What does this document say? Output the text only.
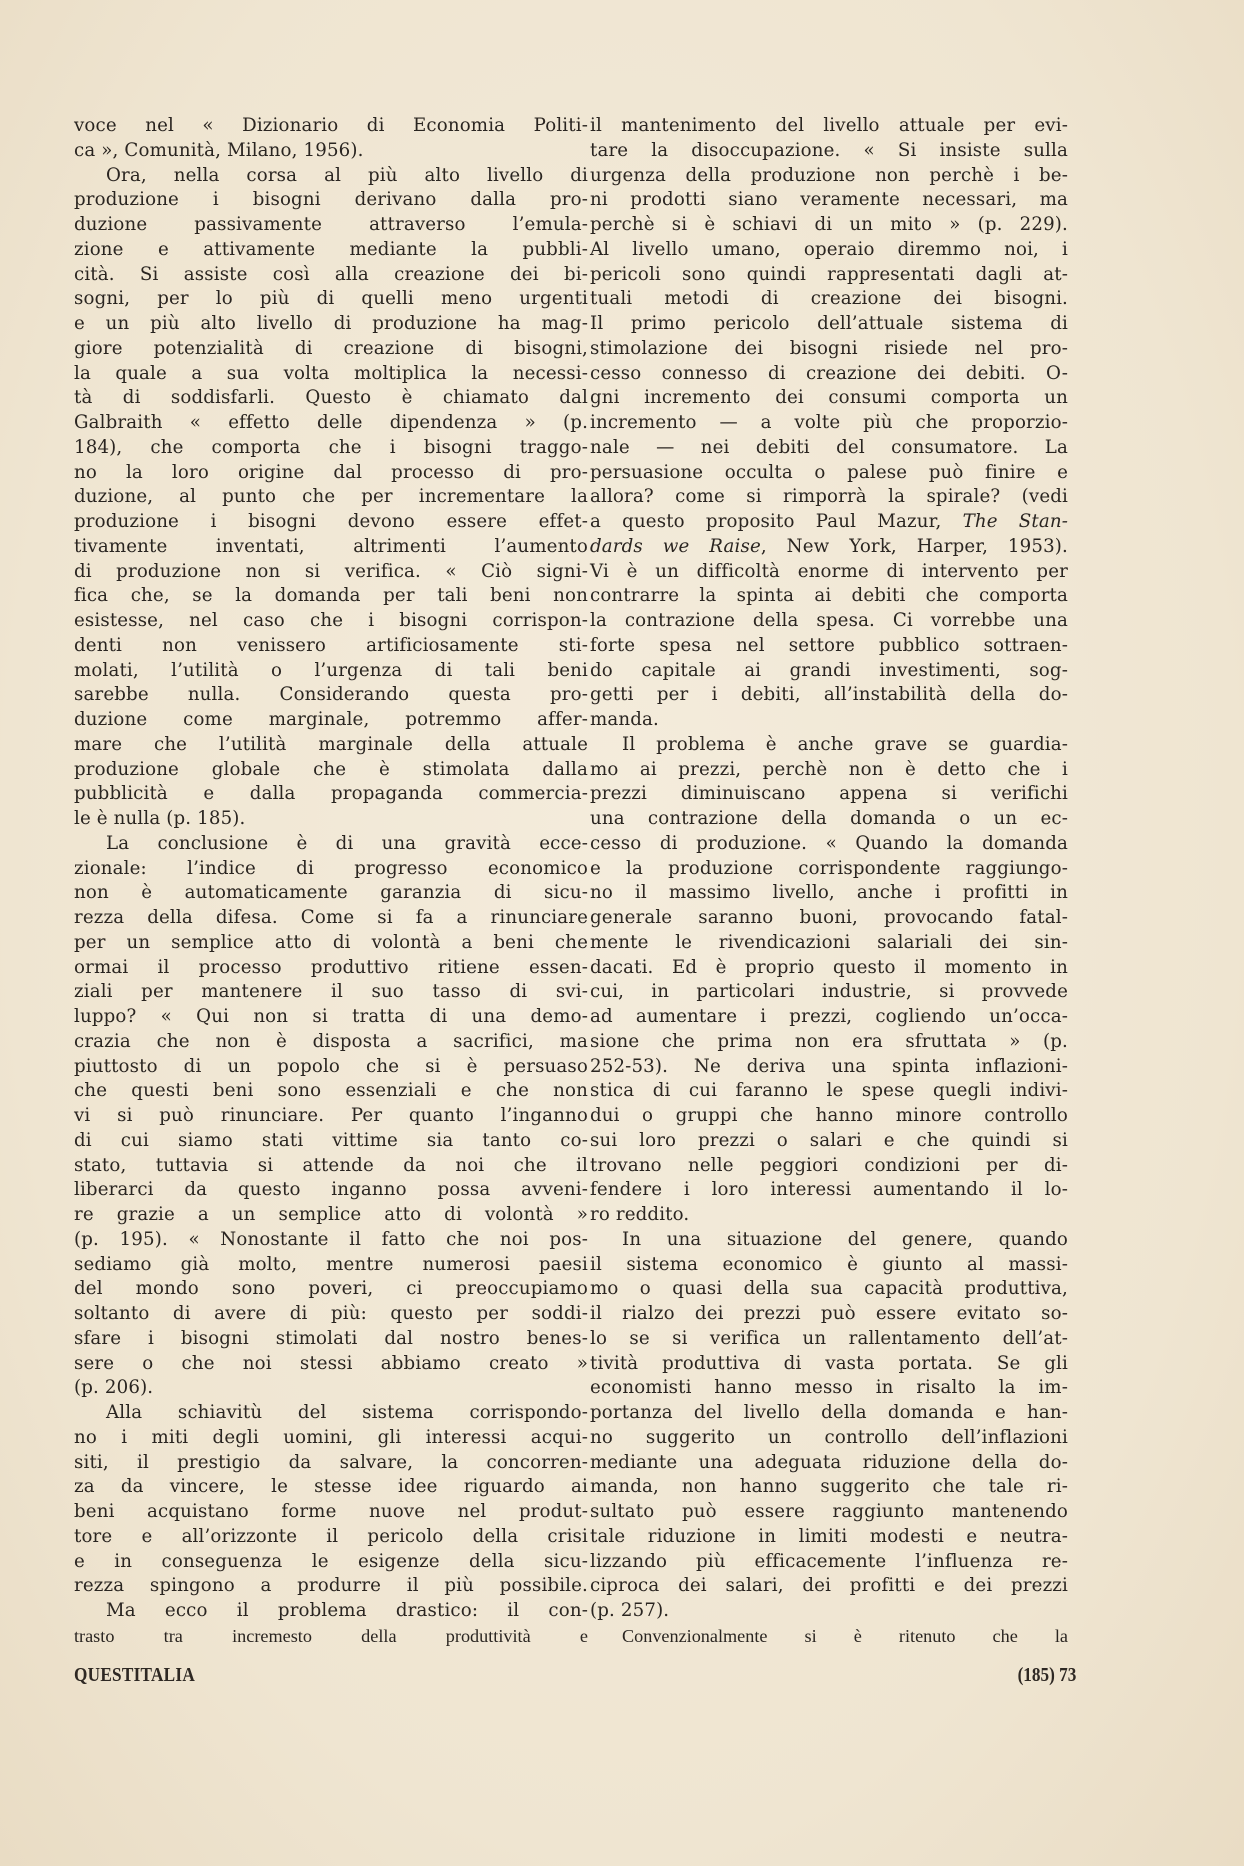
voce nel « Dizionario di Economia Politi-
ca », Comunità, Milano, 1956).
Ora, nella corsa al più alto livello di
produzione i bisogni derivano dalla pro-
duzione passivamente attraverso l’emula-
zione e attivamente mediante la pubbli-
cità. Si assiste così alla creazione dei bi-
sogni, per lo più di quelli meno urgenti
e un più alto livello di produzione ha mag-
giore potenzialità di creazione di bisogni,
la quale a sua volta moltiplica la necessi-
tà di soddisfarli. Questo è chiamato dal
Galbraith « effetto delle dipendenza » (p.
184), che comporta che i bisogni traggo-
no la loro origine dal processo di pro-
duzione, al punto che per incrementare la
produzione i bisogni devono essere effet-
tivamente inventati, altrimenti l’aumento
di produzione non si verifica. « Ciò signi-
fica che, se la domanda per tali beni non
esistesse, nel caso che i bisogni corrispon-
denti non venissero artificiosamente sti-
molati, l’utilità o l’urgenza di tali beni
sarebbe nulla. Considerando questa pro-
duzione come marginale, potremmo affer-
mare che l’utilità marginale della attuale
produzione globale che è stimolata dalla
pubblicità e dalla propaganda commercia-
le è nulla (p. 185).
La conclusione è di una gravità ecce-
zionale: l’indice di progresso economico
non è automaticamente garanzia di sicu-
rezza della difesa. Come si fa a rinunciare
per un semplice atto di volontà a beni che
ormai il processo produttivo ritiene essen-
ziali per mantenere il suo tasso di svi-
luppo? « Qui non si tratta di una demo-
crazia che non è disposta a sacrifici, ma
piuttosto di un popolo che si è persuaso
che questi beni sono essenziali e che non
vi si può rinunciare. Per quanto l’inganno
di cui siamo stati vittime sia tanto co-
stato, tuttavia si attende da noi che il
liberarci da questo inganno possa avveni-
re grazie a un semplice atto di volontà »
(p. 195). « Nonostante il fatto che noi pos-
sediamo già molto, mentre numerosi paesi
del mondo sono poveri, ci preoccupiamo
soltanto di avere di più: questo per soddi-
sfare i bisogni stimolati dal nostro benes-
sere o che noi stessi abbiamo creato »
(p. 206).
Alla schiavitù del sistema corrispondo-
no i miti degli uomini, gli interessi acqui-
siti, il prestigio da salvare, la concorren-
za da vincere, le stesse idee riguardo ai
beni acquistano forme nuove nel produt-
tore e all’orizzonte il pericolo della crisi
e in conseguenza le esigenze della sicu-
rezza spingono a produrre il più possibile.
Ma ecco il problema drastico: il con-
trasto tra incremesto della produttività e
il mantenimento del livello attuale per evi-
tare la disoccupazione. « Si insiste sulla
urgenza della produzione non perchè i be-
ni prodotti siano veramente necessari, ma
perchè si è schiavi di un mito » (p. 229).
Al livello umano, operaio diremmo noi, i
pericoli sono quindi rappresentati dagli at-
tuali metodi di creazione dei bisogni.
Il primo pericolo dell’attuale sistema di
stimolazione dei bisogni risiede nel pro-
cesso connesso di creazione dei debiti. O-
gni incremento dei consumi comporta un
incremento — a volte più che proporzio-
nale — nei debiti del consumatore. La
persuasione occulta o palese può finire e
allora? come si rimporrà la spirale? (vedi
a questo proposito Paul Mazur, The Stan-
dards we Raise, New York, Harper, 1953).
Vi è un difficoltà enorme di intervento per
contrarre la spinta ai debiti che comporta
la contrazione della spesa. Ci vorrebbe una
forte spesa nel settore pubblico sottraen-
do capitale ai grandi investimenti, sog-
getti per i debiti, all’instabilità della do-
manda.
Il problema è anche grave se guardia-
mo ai prezzi, perchè non è detto che i
prezzi diminuiscano appena si verifichi
una contrazione della domanda o un ec-
cesso di produzione. « Quando la domanda
e la produzione corrispondente raggiungo-
no il massimo livello, anche i profitti in
generale saranno buoni, provocando fatal-
mente le rivendicazioni salariali dei sin-
dacati. Ed è proprio questo il momento in
cui, in particolari industrie, si provvede
ad aumentare i prezzi, cogliendo un’occa-
sione che prima non era sfruttata » (p.
252-53). Ne deriva una spinta inflazioni-
stica di cui faranno le spese quegli indivi-
dui o gruppi che hanno minore controllo
sui loro prezzi o salari e che quindi si
trovano nelle peggiori condizioni per di-
fendere i loro interessi aumentando il lo-
ro reddito.
In una situazione del genere, quando
il sistema economico è giunto al massi-
mo o quasi della sua capacità produttiva,
il rialzo dei prezzi può essere evitato so-
lo se si verifica un rallentamento dell’at-
tività produttiva di vasta portata. Se gli
economisti hanno messo in risalto la im-
portanza del livello della domanda e han-
no suggerito un controllo dell’inflazioni
mediante una adeguata riduzione della do-
manda, non hanno suggerito che tale ri-
sultato può essere raggiunto mantenendo
tale riduzione in limiti modesti e neutra-
lizzando più efficacemente l’influenza re-
ciproca dei salari, dei profitti e dei prezzi
(p. 257).
Convenzionalmente si è ritenuto che la
QUESTITALIA	(185) 73
